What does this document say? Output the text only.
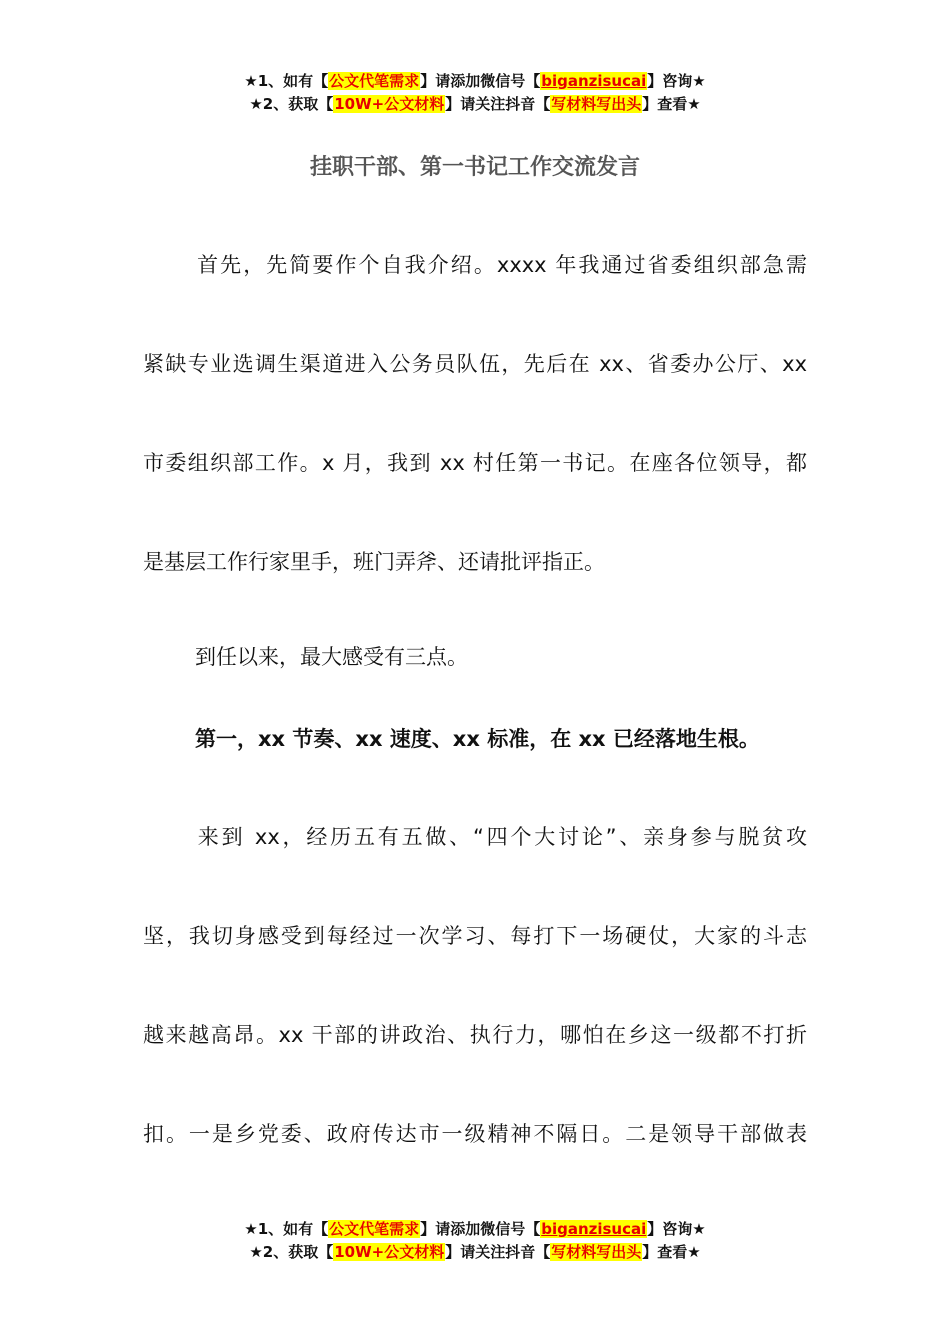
★1、如有【公文代笔需求】请添加微信号【biganzisucai】咨询★
★2、获取【10W+公文材料】请关注抖音【写材料写出头】查看★
挂职干部、第一书记工作交流发言
首先，先简要作个自我介绍。xxxx 年我通过省委组织部急需
紧缺专业选调生渠道进入公务员队伍，先后在 xx、省委办公厅、xx
市委组织部工作。x 月，我到 xx 村任第一书记。在座各位领导，都
是基层工作行家里手，班门弄斧、还请批评指正。
到任以来，最大感受有三点。
第一，xx 节奏、xx 速度、xx 标准，在 xx 已经落地生根。
来到 xx，经历五有五做、“四个大讨论”、亲身参与脱贫攻
坚，我切身感受到每经过一次学习、每打下一场硬仗，大家的斗志
越来越高昂。xx 干部的讲政治、执行力，哪怕在乡这一级都不打折
扣。一是乡党委、政府传达市一级精神不隔日。二是领导干部做表
★1、如有【公文代笔需求】请添加微信号【biganzisucai】咨询★
★2、获取【10W+公文材料】请关注抖音【写材料写出头】查看★
